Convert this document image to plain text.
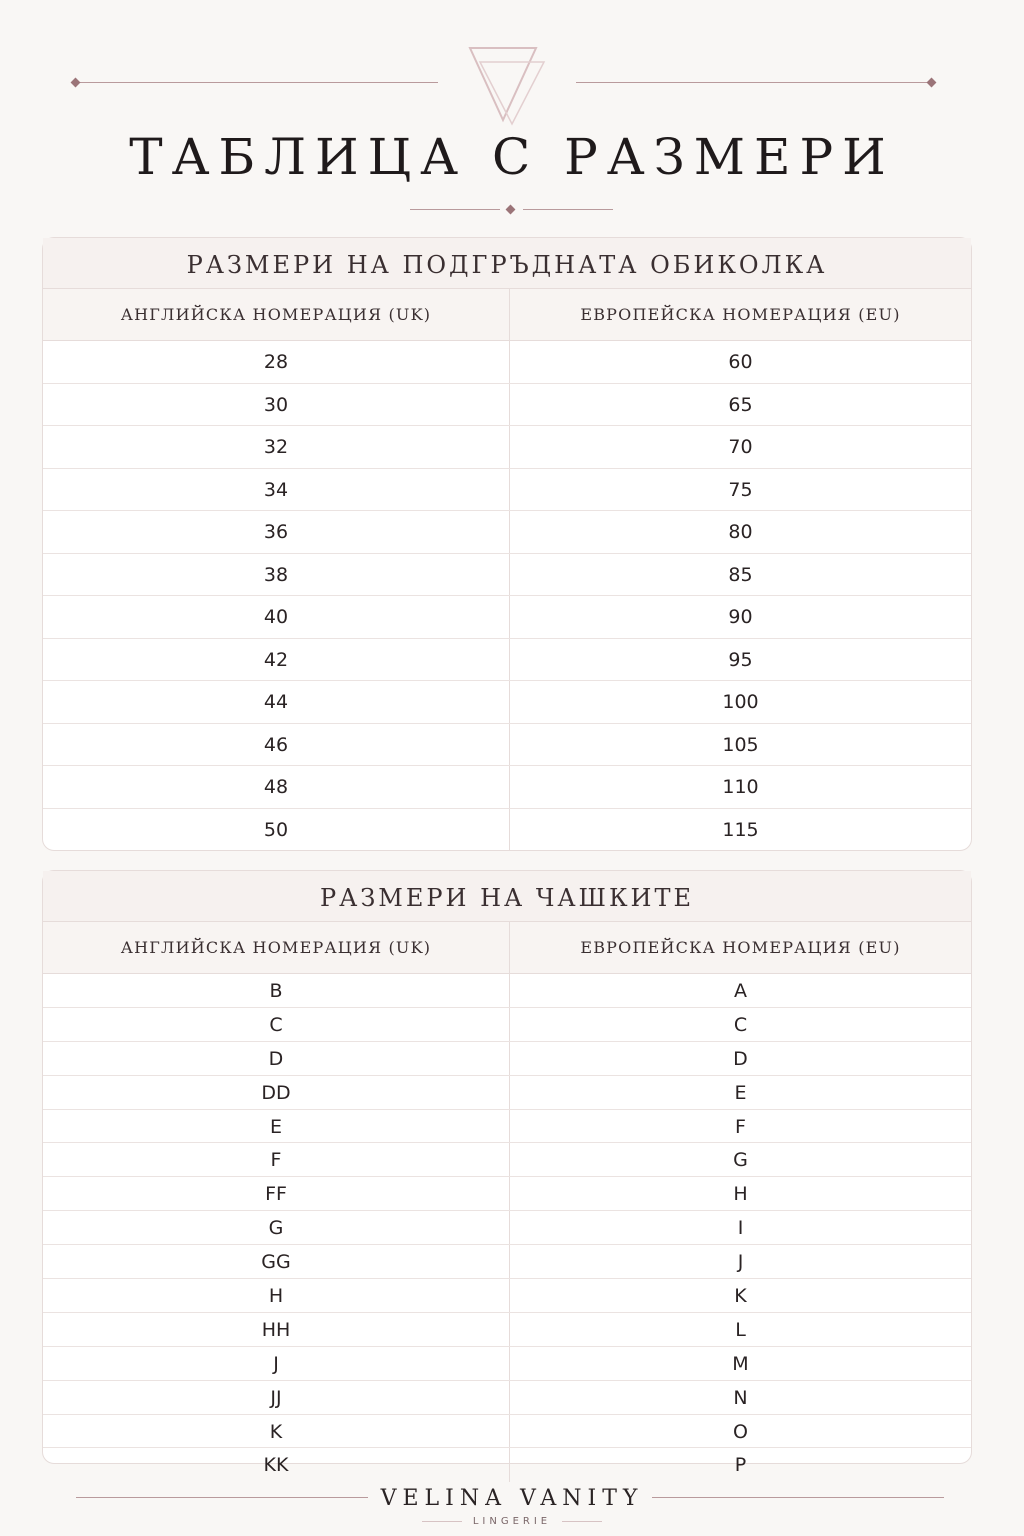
ТАБЛИЦА С РАЗМЕРИ
РАЗМЕРИ НА ПОДГРЪДНАТА ОБИКОЛКА
АНГЛИЙСКА НОМЕРАЦИЯ (UK)	ЕВРОПЕЙСКА НОМЕРАЦИЯ (EU)
28	60
30	65
32	70
34	75
36	80
38	85
40	90
42	95
44	100
46	105
48	110
50	115
РАЗМЕРИ НА ЧАШКИТЕ
АНГЛИЙСКА НОМЕРАЦИЯ (UK)	ЕВРОПЕЙСКА НОМЕРАЦИЯ (EU)
B	A
C	C
D	D
DD	E
E	F
F	G
FF	H
G	I
GG	J
H	K
HH	L
J	M
JJ	N
K	O
KK	P
VELINA VANITY
LINGERIE
